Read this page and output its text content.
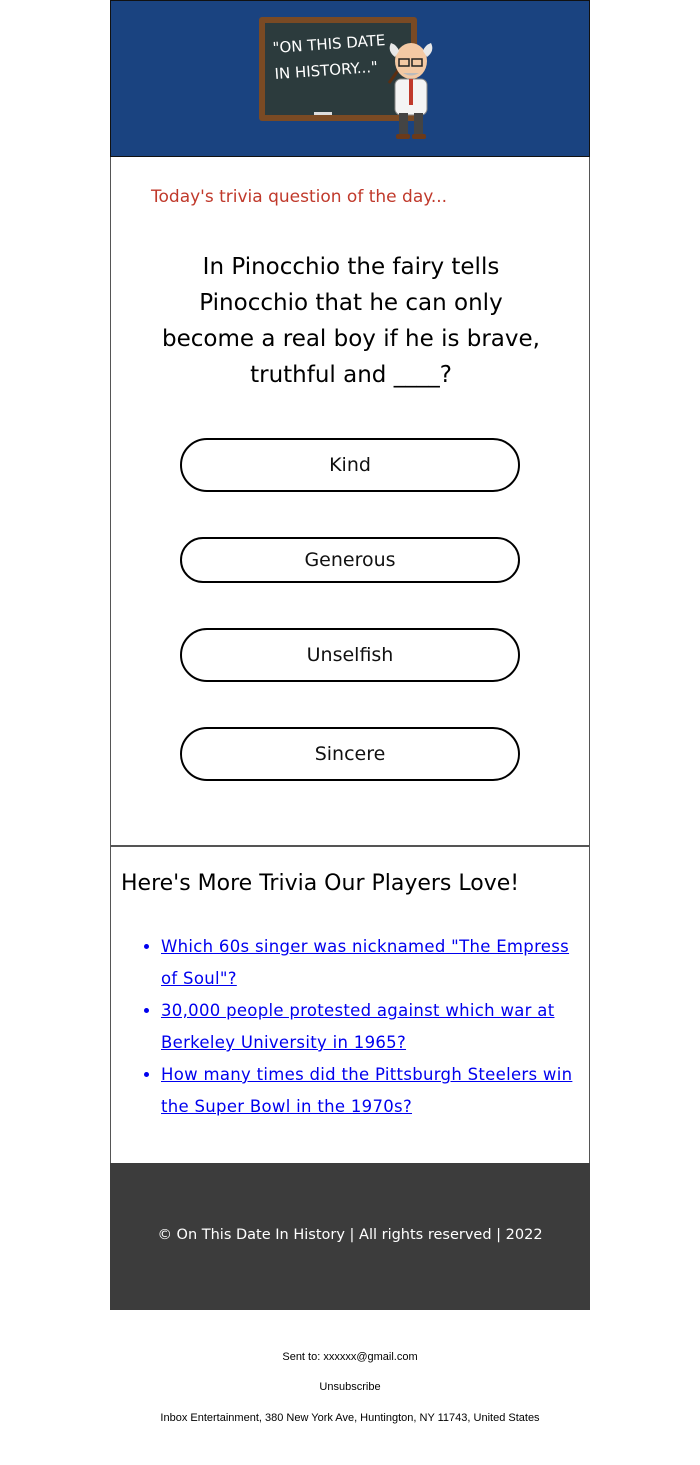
"ON THIS DATE
IN HISTORY..."
Today's trivia question of the day...
In Pinocchio the fairy tells Pinocchio that he can only become a real boy if he is brave, truthful and ____?
Kind
Generous
Unselfish
Sincere
Here's More Trivia Our Players Love!
• Which 60s singer was nicknamed "The Empress of Soul"?
• 30,000 people protested against which war at Berkeley University in 1965?
• How many times did the Pittsburgh Steelers win the Super Bowl in the 1970s?
© On This Date In History | All rights reserved | 2022
Sent to: xxxxxx@gmail.com
Unsubscribe
Inbox Entertainment, 380 New York Ave, Huntington, NY 11743, United States
